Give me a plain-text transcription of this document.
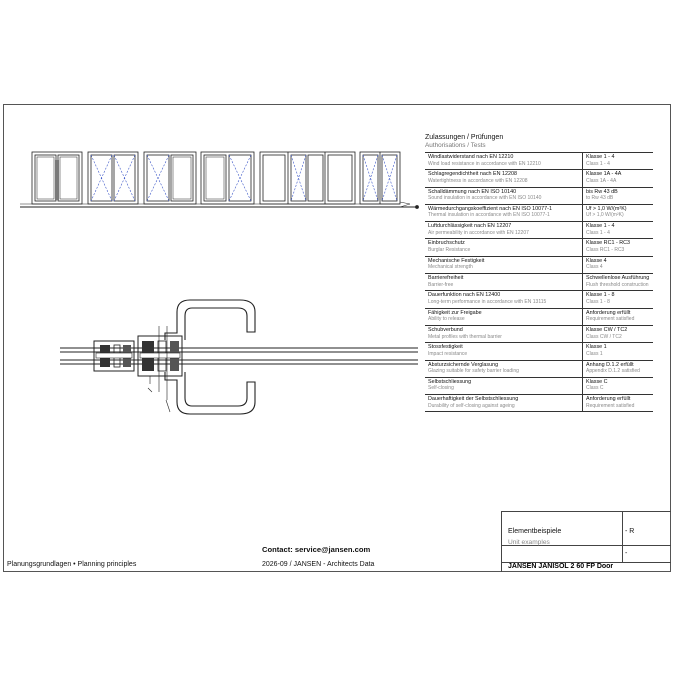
Zulassungen / Prüfungen
Authorisations / Tests
Windlastwiderstand nach EN 12210
Wind load resistance in accordance with EN 12210
Klasse 1 - 4
Class 1 - 4
Schlagregendichtheit nach EN 12208
Watertightness in accordance with EN 12208
Klasse 1A - 4A
Class 1A - 4A
Schalldämmung nach EN ISO 10140
Sound insulation in accordance with EN ISO 10140
bis Rw 43 dB
to Rw 43 dB
Wärmedurchgangskoeffizient nach EN ISO 10077-1
Thermal insulation in accordance with EN ISO 10077-1
Uf > 1,0 W/(m²K)
Uf > 1,0 W/(m²K)
Luftdurchlässigkeit nach EN 12207
Air permeability in accordance with EN 12207
Klasse 1 - 4
Class 1 - 4
Einbruchschutz
Burglar Resistance
Klasse RC1 - RC3
Class RC1 - RC3
Mechanische Festigkeit
Mechanical strength
Klasse 4
Class 4
Barrierefreiheit
Barrier-free
Schwellenlose Ausführung
Flush threshold construction
Dauerfunktion nach EN 12400
Long-term performance in accordance with EN 13115
Klasse 1 - 8
Class 1 - 8
Fähigkeit zur Freigabe
Ability to release
Anforderung erfüllt
Requirement satisfied
Schubverbund
Metal profiles with thermal barrier
Klasse CW / TC2
Class CW / TC2
Stossfestigkeit
Impact resistance
Klasse 1
Class 1
Absturzsichernde Verglasung
Glazing suitable for safety barrier loading
Anhang D.1.2 erfüllt
Appendix D.1.2 satisfied
Selbstschliessung
Self-closing
Klasse C
Class C
Dauerhaftigkeit der Selbstschliessung
Durability of self-closing against ageing
Anforderung erfüllt
Requirement satisfied
Elementbeispiele
Unit examples
- R
-
JANSEN JANISOL 2 60 FP Door
Contact: service@jansen.com
Planungsgrundlagen • Planning principles	2026-09 / JANSEN - Architects Data
